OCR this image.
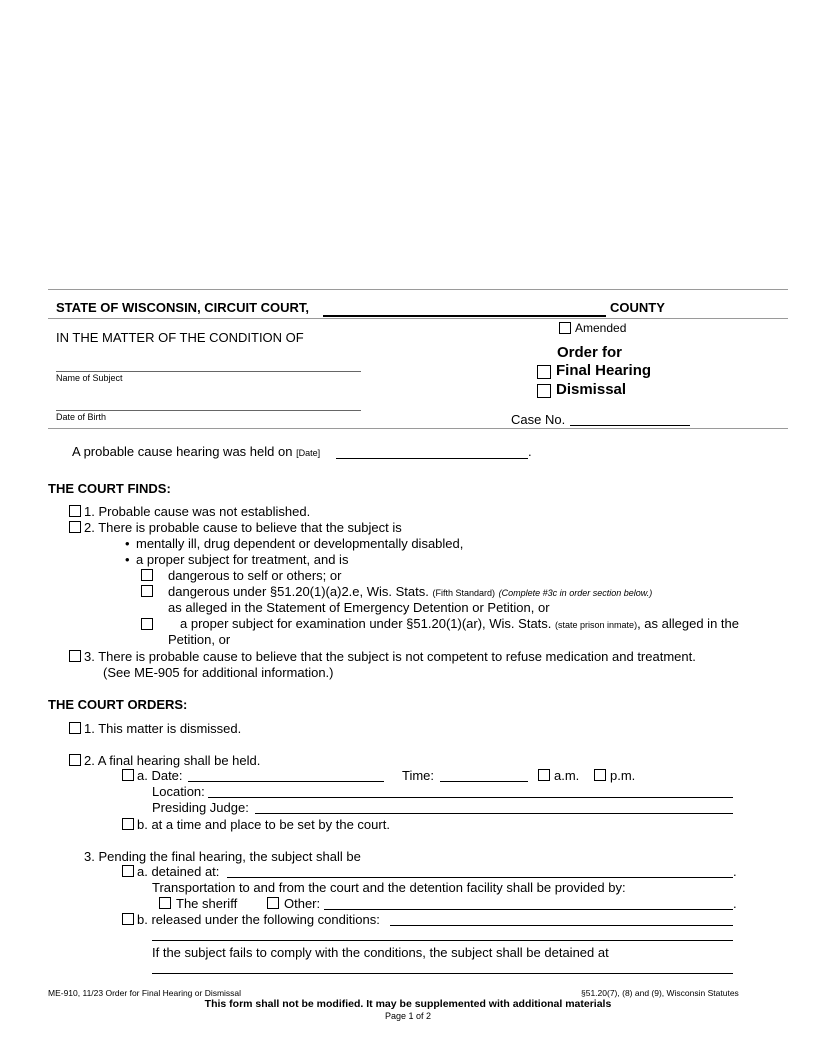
STATE OF WISCONSIN, CIRCUIT COURT,	COUNTY
IN THE MATTER OF THE CONDITION OF
Name of Subject
Date of Birth
Amended
Order for
Final Hearing
Dismissal
Case No.
A probable cause hearing was held on [Date]	.
THE COURT FINDS:
1. Probable cause was not established.
2. There is probable cause to believe that the subject is
• mentally ill, drug dependent or developmentally disabled,
• a proper subject for treatment, and is
dangerous to self or others; or
dangerous under §51.20(1)(a)2.e, Wis. Stats. (Fifth Standard) (Complete #3c in order section below.)
as alleged in the Statement of Emergency Detention or Petition, or
a proper subject for examination under §51.20(1)(ar), Wis. Stats. (state prison inmate), as alleged in the
Petition, or
3. There is probable cause to believe that the subject is not competent to refuse medication and treatment.
(See ME-905 for additional information.)
THE COURT ORDERS:
1. This matter is dismissed.
2. A final hearing shall be held.
a. Date:	Time:	a.m. p.m.
Location:
Presiding Judge:
b. at a time and place to be set by the court.
3. Pending the final hearing, the subject shall be
a. detained at:	.
Transportation to and from the court and the detention facility shall be provided by:
The sheriff	Other:	.
b. released under the following conditions:
If the subject fails to comply with the conditions, the subject shall be detained at
ME-910, 11/23 Order for Final Hearing or Dismissal	§51.20(7), (8) and (9), Wisconsin Statutes
This form shall not be modified. It may be supplemented with additional materials
Page 1 of 2
